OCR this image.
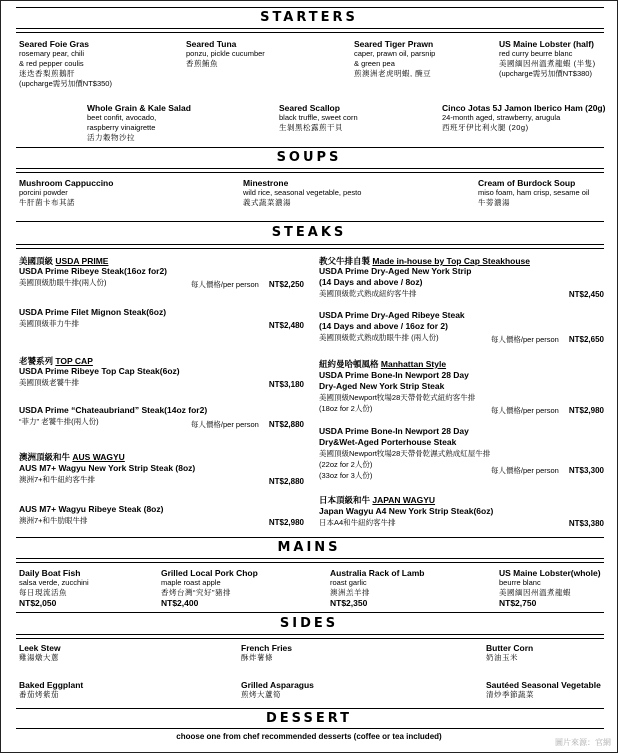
STARTERS
Seared Foie Gras
rosemary pear, chili
& red pepper coulis
迷迭香梨煎鵝肝
(upcharge需另加價NT$350)
Seared Tuna
ponzu, pickle cucumber
香煎鮪魚
Seared Tiger Prawn
caper, prawn oil, parsnip
& green pea
煎澳洲老虎明蝦, 醃豆
US Maine Lobster (half)
red curry beurre blanc
美國緬因州溫煮龍蝦 (半隻)
(upcharge需另加價NT$380)
Whole Grain & Kale Salad
beet confit, avocado,
raspberry vinaigrette
活力穀物沙拉
Seared Scallop
black truffle, sweet corn
生剝黑松露煎干貝
Cinco Jotas 5J Jamon Iberico Ham (20g)
24-month aged, strawberry, arugula
西班牙伊比利火腿 (20g)
SOUPS
Mushroom Cappuccino
porcini powder
牛肝菌卡布其諾
Minestrone
wild rice, seasonal vegetable, pesto
義式蔬菜濃湯
Cream of Burdock Soup
miso foam, ham crisp, sesame oil
牛蒡濃湯
STEAKS
美國頂級 USDA PRIME
USDA Prime Ribeye Steak(16oz for2)
美國頂級肋眼牛排(兩人份)	每人價格/per person NT$2,250
USDA Prime Filet Mignon Steak(6oz)
美國頂級菲力牛排	NT$2,480
老饕系列 TOP CAP
USDA Prime Ribeye Top Cap Steak(6oz)
美國頂級老饕牛排	NT$3,180
USDA Prime “Chateaubriand” Steak(14oz for2)
“菲力” 老饕牛排(兩人份)	每人價格/per person NT$2,880
澳洲頂級和牛 AUS WAGYU
AUS M7+ Wagyu New York Strip Steak (8oz)
澳洲7+和牛紐約客牛排	NT$2,880
AUS M7+ Wagyu Ribeye Steak (8oz)
澳洲7+和牛肋眼牛排	NT$2,980
教父牛排自製 Made in-house by Top Cap Steakhouse
USDA Prime Dry-Aged New York Strip
(14 Days and above / 8oz)
美國頂級乾式熟成紐約客牛排	NT$2,450
USDA Prime Dry-Aged Ribeye Steak
(14 Days and above / 16oz for 2)
美國頂級乾式熟成肋眼牛排 (兩人份)	每人價格/per person NT$2,650
紐約曼哈頓風格 Manhattan Style
USDA Prime Bone-In Newport 28 Day
Dry-Aged New York Strip Steak
美國頂級Newport牧場28天帶骨乾式紐約客牛排
(18oz for 2人份)	每人價格/per person NT$2,980
USDA Prime Bone-In Newport 28 Day
Dry&Wet-Aged Porterhouse Steak
美國頂級Newport牧場28天帶骨乾濕式熟成紅屋牛排
(22oz for 2人份)
(33oz for 3人份)
每人價格/per person NT$3,300
日本頂級和牛 JAPAN WAGYU
Japan Wagyu A4 New York Strip Steak(6oz)
日本A4和牛紐約客牛排	NT$3,380
MAINS
Daily Boat Fish
salsa verde, zucchini
每日現流活魚
NT$2,050
Grilled Local Pork Chop
maple roast apple
香烤台灣“究好”豬排
NT$2,400
Australia Rack of Lamb
roast garlic
澳洲羔羊排
NT$2,350
US Maine Lobster(whole)
beurre blanc
美國緬因州溫煮龍蝦
NT$2,750
SIDES
Leek Stew
雞湯燉大蔥
French Fries
酥炸薯條
Butter Corn
奶油玉米
Baked Eggplant
番茄烤紫茄
Grilled Asparagus
煎烤大蘆筍
Sautéed Seasonal Vegetable
清炒季節蔬菜
DESSERT
choose one from chef recommended desserts (coffee or tea included)
圖片來源：官網
